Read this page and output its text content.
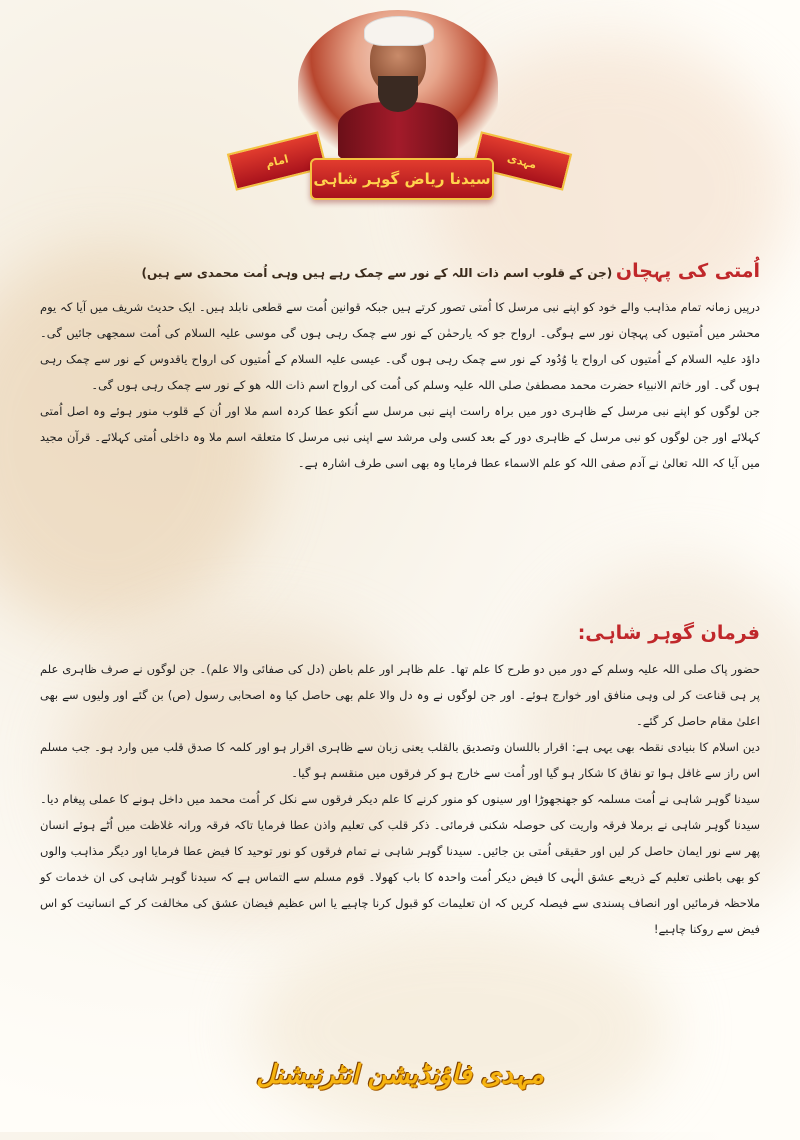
امام	مہدی
سیدنا ریاض گوہر شاہی
اُمتی کی پہچان (جن کے قلوب اسم ذات اللہ کے نور سے چمک رہے ہیں وہی اُمت محمدی سے ہیں)

درپیں زمانہ تمام مذاہب والے خود کو اپنے نبی مرسل کا اُمتی تصور کرتے ہیں جبکہ قوانین اُمت سے قطعی نابلد ہیں۔ ایک حدیث شریف میں آیا کہ یوم محشر میں اُمتیوں کی پہچان نور سے ہوگی۔ ارواح جو کہ یارحمٰن کے نور سے چمک رہی ہوں گی موسی علیہ السلام کی اُمت سمجھی جائیں گی۔ داؤد علیہ السلام کے اُمتیوں کی ارواح یا وُدُود کے نور سے چمک رہی ہوں گی۔ عیسی علیہ السلام کے اُمتیوں کی ارواح یاقدوس کے نور سے چمک رہی ہوں گی۔ اور خاتم الانبیاء حضرت محمد مصطفیٰ صلی اللہ علیہ وسلم کی اُمت کی ارواح اسم ذات اللہ ھو کے نور سے چمک رہی ہوں گی۔

جن لوگوں کو اپنے نبی مرسل کے ظاہری دور میں براہ راست اپنے نبی مرسل سے اُنکو عطا کردہ اسم ملا اور اُن کے قلوب منور ہوئے وہ اصل اُمتی کہلائے اور جن لوگوں کو نبی مرسل کے ظاہری دور کے بعد کسی ولی مرشد سے اپنی نبی مرسل کا متعلقہ اسم ملا وہ داخلی اُمتی کہلائے۔ قرآن مجید میں آیا کہ اللہ تعالیٰ نے آدم صفی اللہ کو علم الاسماء عطا فرمایا وہ بھی اسی طرف اشارہ ہے۔

فرمان گوہر شاہی:

حضور پاک صلی اللہ علیہ وسلم کے دور میں دو طرح کا علم تھا۔ علم ظاہر اور علم باطن (دل کی صفائی والا علم)۔ جن لوگوں نے صرف ظاہری علم پر ہی قناعت کر لی وہی منافق اور خوارج ہوئے۔ اور جن لوگوں نے وہ دل والا علم بھی حاصل کیا وہ اصحابی رسول (ص) بن گئے اور ولیوں سے بھی اعلیٰ مقام حاصل کر گئے۔

دین اسلام کا بنیادی نقطہ بھی یہی ہے: اقرار باللسان وتصدیق بالقلب یعنی زبان سے ظاہری اقرار ہو اور کلمہ کا صدق قلب میں وارد ہو۔ جب مسلم اس راز سے غافل ہوا تو نفاق کا شکار ہو گیا اور اُمت سے خارج ہو کر فرقوں میں منقسم ہو گیا۔

سیدنا گوہر شاہی نے اُمت مسلمہ کو جھنجھوڑا اور سینوں کو منور کرنے کا علم دیکر فرقوں سے نکل کر اُمت محمد میں داخل ہونے کا عملی پیغام دیا۔ سیدنا گوہر شاہی نے برملا فرقہ واریت کی حوصلہ شکنی فرمائی۔ ذکر قلب کی تعلیم واذن عطا فرمایا تاکہ فرقہ ورانہ غلاظت میں اُٹے ہوئے انسان پھر سے نور ایمان حاصل کر لیں اور حقیقی اُمتی بن جائیں۔ سیدنا گوہر شاہی نے تمام فرقوں کو نور توحید کا فیض عطا فرمایا اور دیگر مذاہب والوں کو بھی باطنی تعلیم کے ذریعے عشق الٰہی کا فیض دیکر اُمت واحدہ کا باب کھولا۔ قوم مسلم سے التماس ہے کہ سیدنا گوہر شاہی کی ان خدمات کو ملاحظہ فرمائیں اور انصاف پسندی سے فیصلہ کریں کہ ان تعلیمات کو قبول کرنا چاہیے یا اس عظیم فیضان عشق کی مخالفت کر کے انسانیت کو اس فیض سے روکنا چاہیے!

مہدی فاؤنڈیشن انٹرنیشنل
